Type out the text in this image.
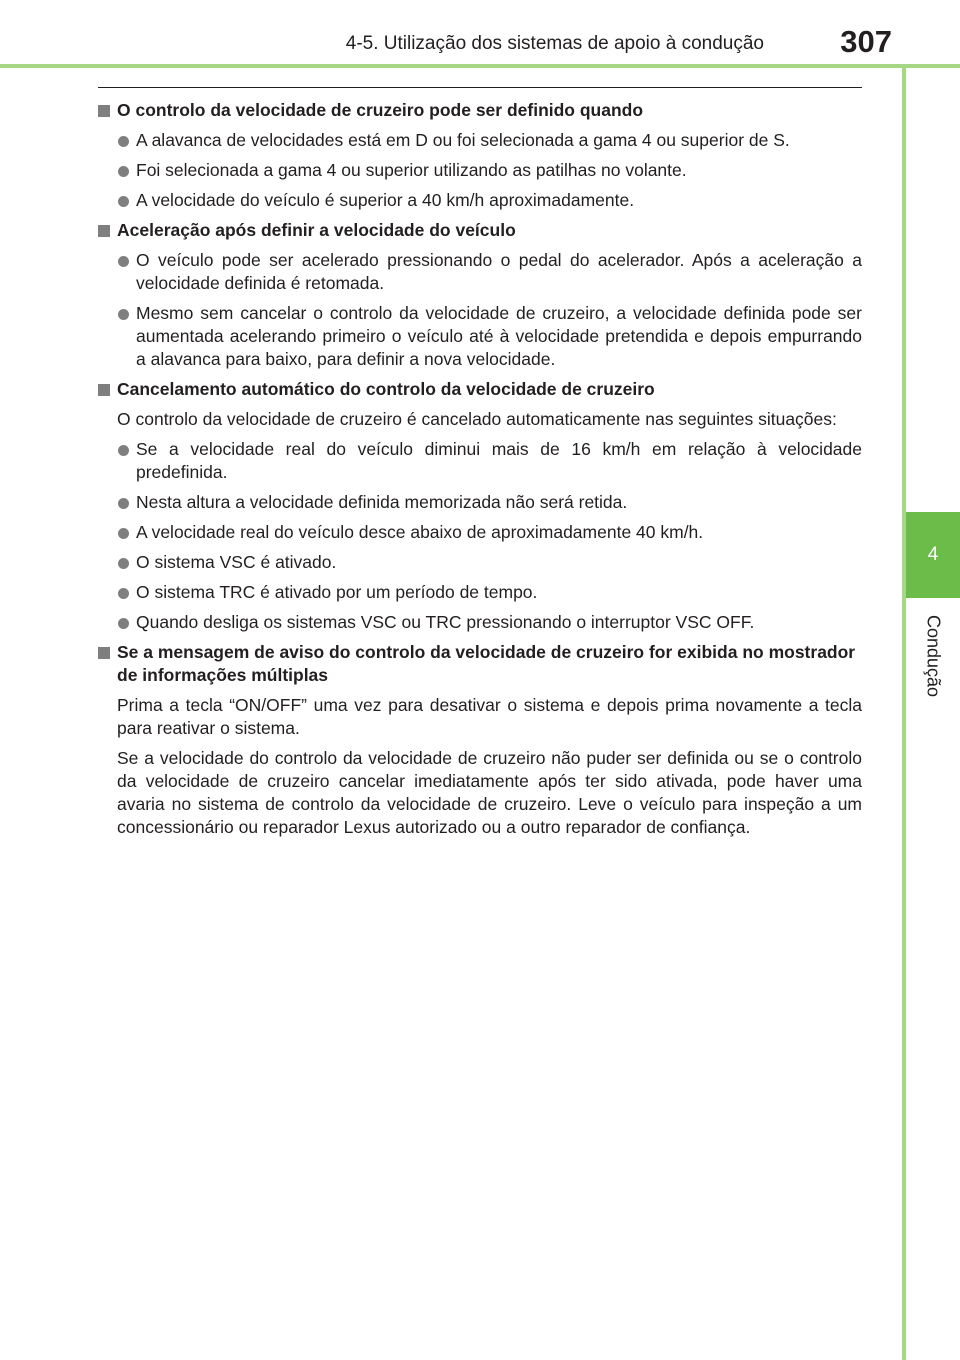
4-5. Utilização dos sistemas de apoio à condução 307
4
Condução
O controlo da velocidade de cruzeiro pode ser definido quando
A alavanca de velocidades está em D ou foi selecionada a gama 4 ou superior de S.
Foi selecionada a gama 4 ou superior utilizando as patilhas no volante.
A velocidade do veículo é superior a 40 km/h aproximadamente.
Aceleração após definir a velocidade do veículo
O veículo pode ser acelerado pressionando o pedal do acelerador. Após a aceleração a velocidade definida é retomada.
Mesmo sem cancelar o controlo da velocidade de cruzeiro, a velocidade definida pode ser aumentada acelerando primeiro o veículo até à velocidade pretendida e depois empurrando a alavanca para baixo, para definir a nova velocidade.
Cancelamento automático do controlo da velocidade de cruzeiro
O controlo da velocidade de cruzeiro é cancelado automaticamente nas seguintes situações:
Se a velocidade real do veículo diminui mais de 16 km/h em relação à velocidade predefinida.
Nesta altura a velocidade definida memorizada não será retida.
A velocidade real do veículo desce abaixo de aproximadamente 40 km/h.
O sistema VSC é ativado.
O sistema TRC é ativado por um período de tempo.
Quando desliga os sistemas VSC ou TRC pressionando o interruptor VSC OFF.
Se a mensagem de aviso do controlo da velocidade de cruzeiro for exibida no mostrador de informações múltiplas
Prima a tecla “ON/OFF” uma vez para desativar o sistema e depois prima novamente a tecla para reativar o sistema.
Se a velocidade do controlo da velocidade de cruzeiro não puder ser definida ou se o controlo da velocidade de cruzeiro cancelar imediatamente após ter sido ativada, pode haver uma avaria no sistema de controlo da velocidade de cruzeiro. Leve o veículo para inspeção a um concessionário ou reparador Lexus autorizado ou a outro reparador de confiança.
